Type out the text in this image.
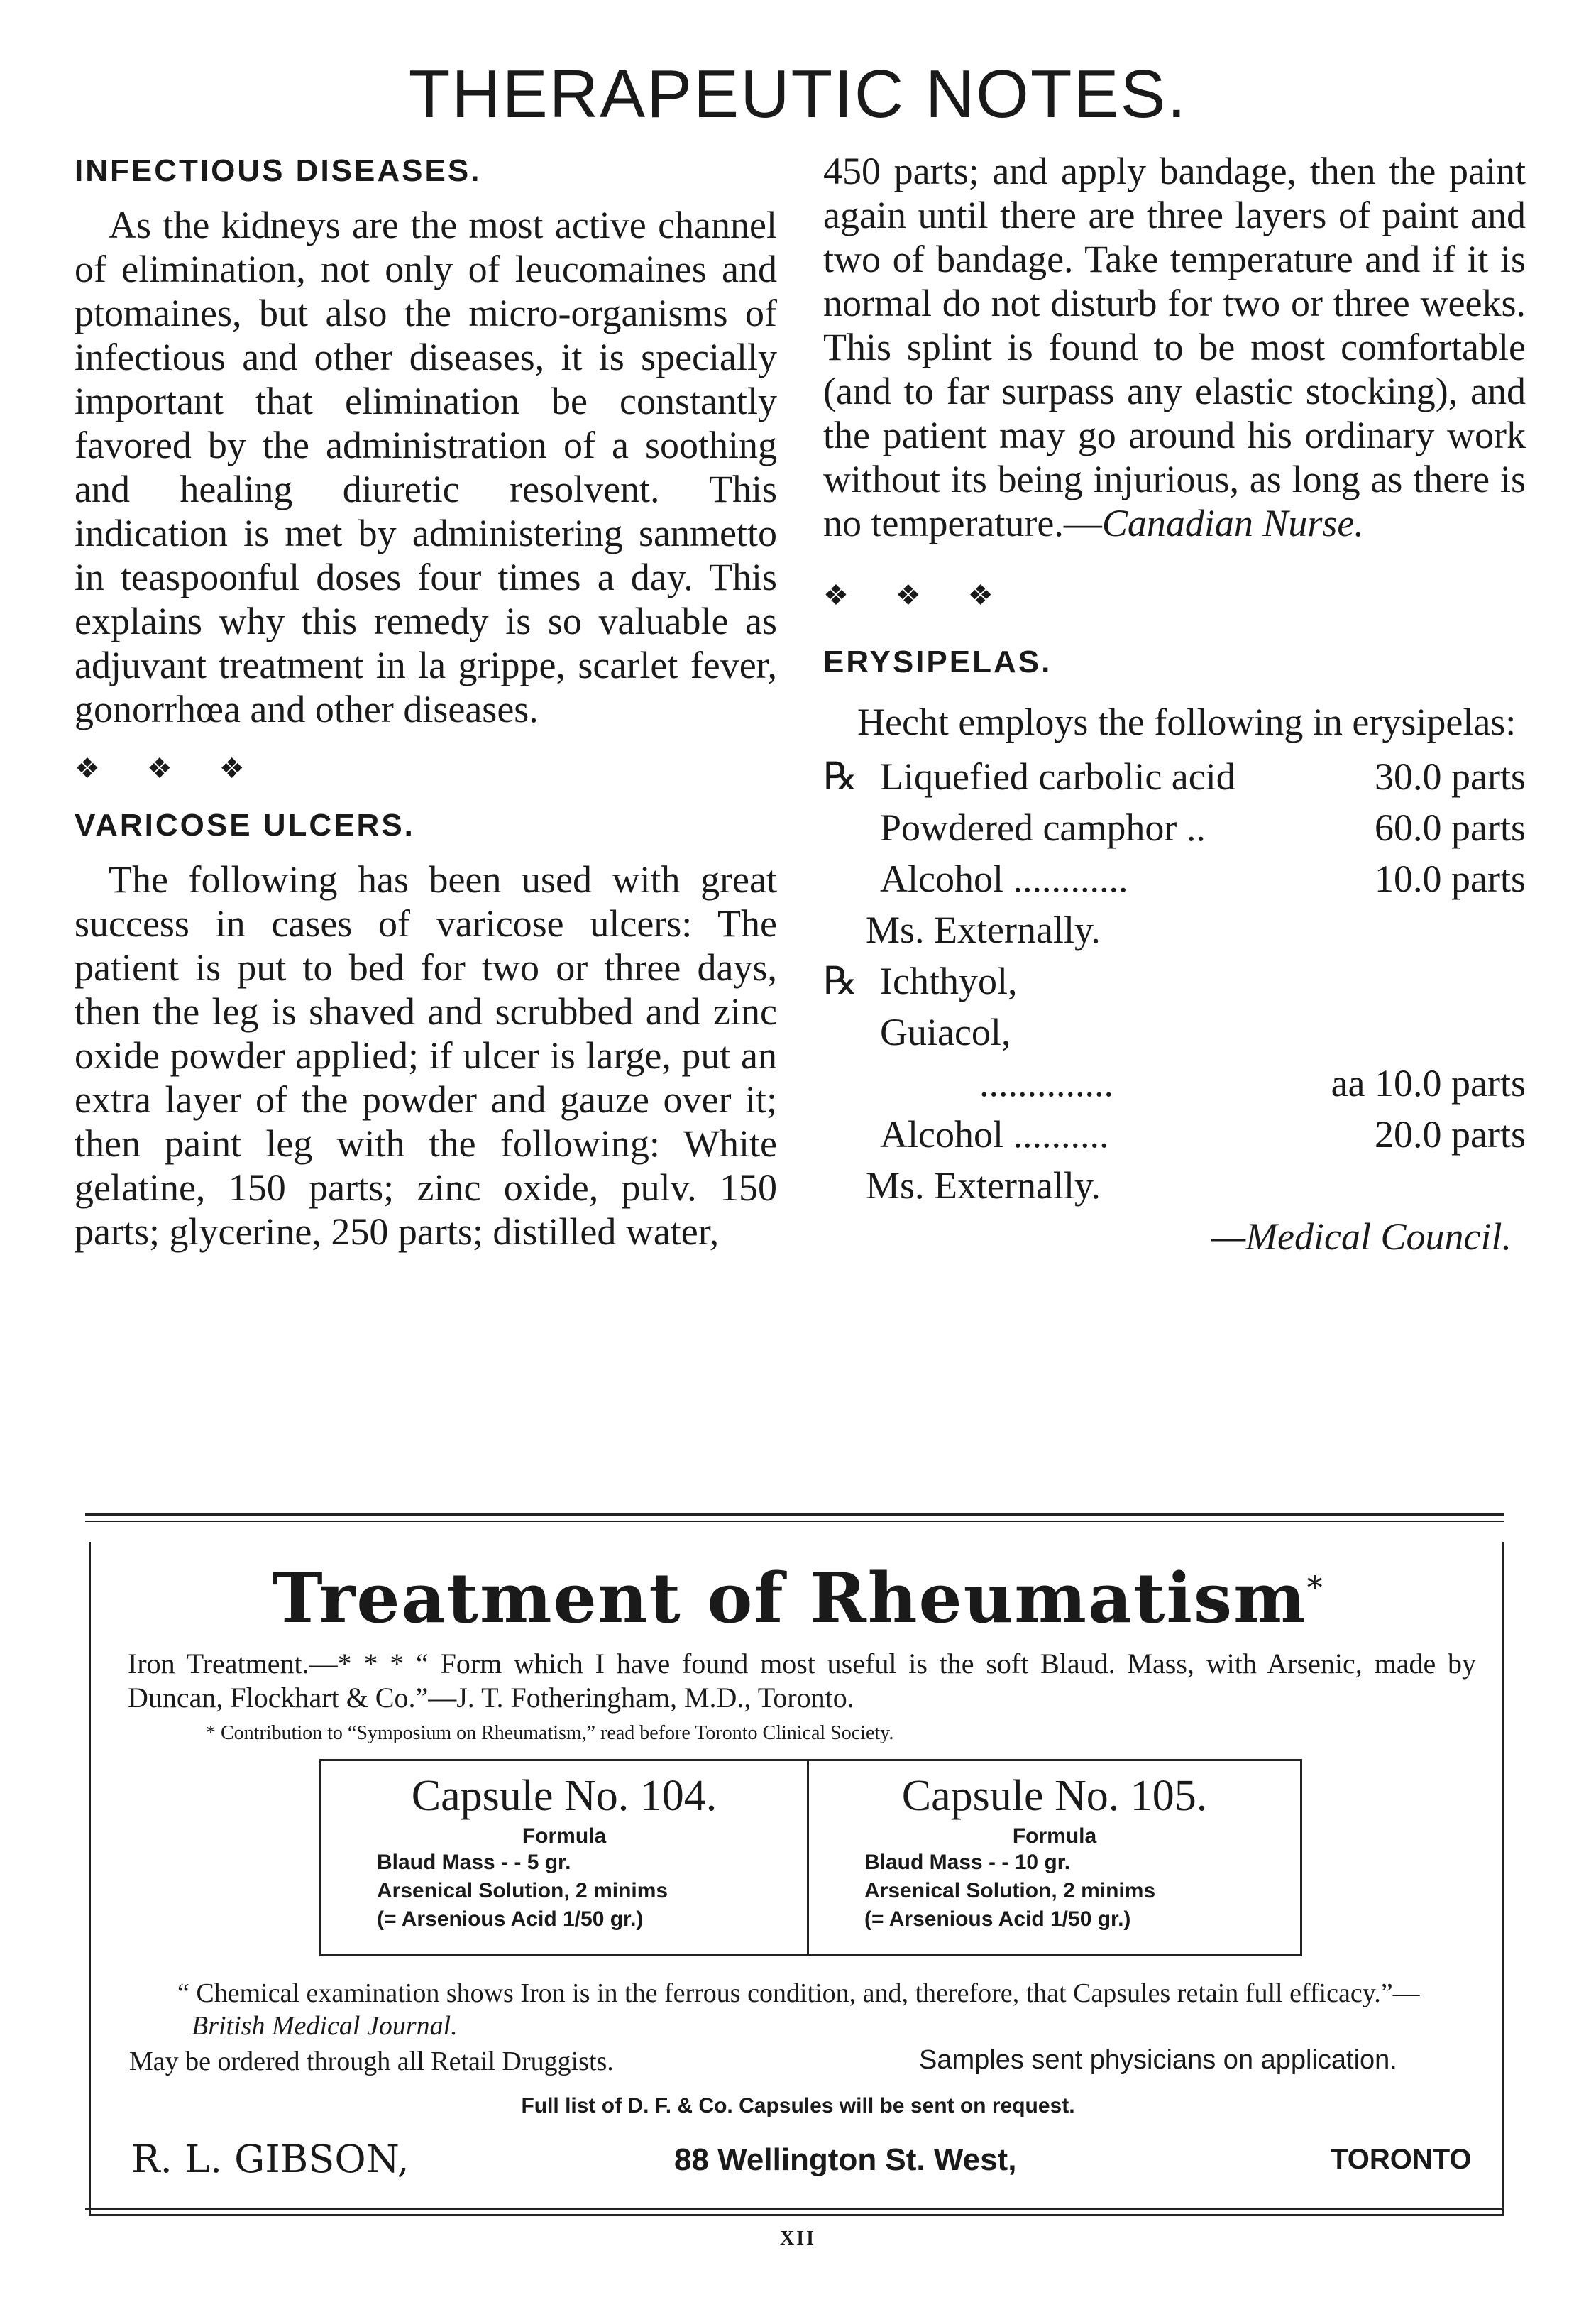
THERAPEUTIC NOTES.

INFECTIOUS DISEASES.

As the kidneys are the most active channel of elimination, not only of leucomaines and ptomaines, but also the micro-organisms of infectious and other diseases, it is specially important that elimination be constantly favored by the administration of a soothing and healing diuretic resolvent. This indication is met by administering sanmetto in teaspoonful doses four times a day. This explains why this remedy is so valuable as adjuvant treatment in la grippe, scarlet fever, gonorrhœa and other diseases.

❖ ❖ ❖

VARICOSE ULCERS.

The following has been used with great success in cases of varicose ulcers: The patient is put to bed for two or three days, then the leg is shaved and scrubbed and zinc oxide powder applied; if ulcer is large, put an extra layer of the powder and gauze over it; then paint leg with the following: White gelatine, 150 parts; zinc oxide, pulv. 150 parts; glycerine, 250 parts; distilled water,

450 parts; and apply bandage, then the paint again until there are three layers of paint and two of bandage. Take temperature and if it is normal do not disturb for two or three weeks. This splint is found to be most comfortable (and to far surpass any elastic stocking), and the patient may go around his ordinary work without its being injurious, as long as there is no temperature.—Canadian Nurse.

❖ ❖ ❖

ERYSIPELAS.

Hecht employs the following in erysipelas:

℞ Liquefied carbolic acid	30.0 parts
Powdered camphor ..	60.0 parts
Alcohol ............	10.0 parts
Ms. Externally.
℞ Ichthyol,
Guiacol,
..............	aa 10.0 parts
Alcohol ..........	20.0 parts
Ms. Externally.
—Medical Council.
Treatment of Rheumatism*
Iron Treatment.—* * * “ Form which I have found most useful is the soft Blaud. Mass, with Arsenic, made by Duncan, Flockhart & Co.”—J. T. Fotheringham, M.D., Toronto.
* Contribution to “Symposium on Rheumatism,” read before Toronto Clinical Society.
Capsule No. 104.
Formula
Blaud Mass - - 5 gr.
Arsenical Solution, 2 minims
(= Arsenious Acid 1/50 gr.)
Capsule No. 105.
Formula
Blaud Mass - - 10 gr.
Arsenical Solution, 2 minims
(= Arsenious Acid 1/50 gr.)
“ Chemical examination shows Iron is in the ferrous condition, and, therefore, that Capsules retain full efficacy.”—British Medical Journal.
May be ordered through all Retail Druggists.	Samples sent physicians on application.
Full list of D. F. & Co. Capsules will be sent on request.
R. L. GIBSON,	88 Wellington St. West,	TORONTO
XII
